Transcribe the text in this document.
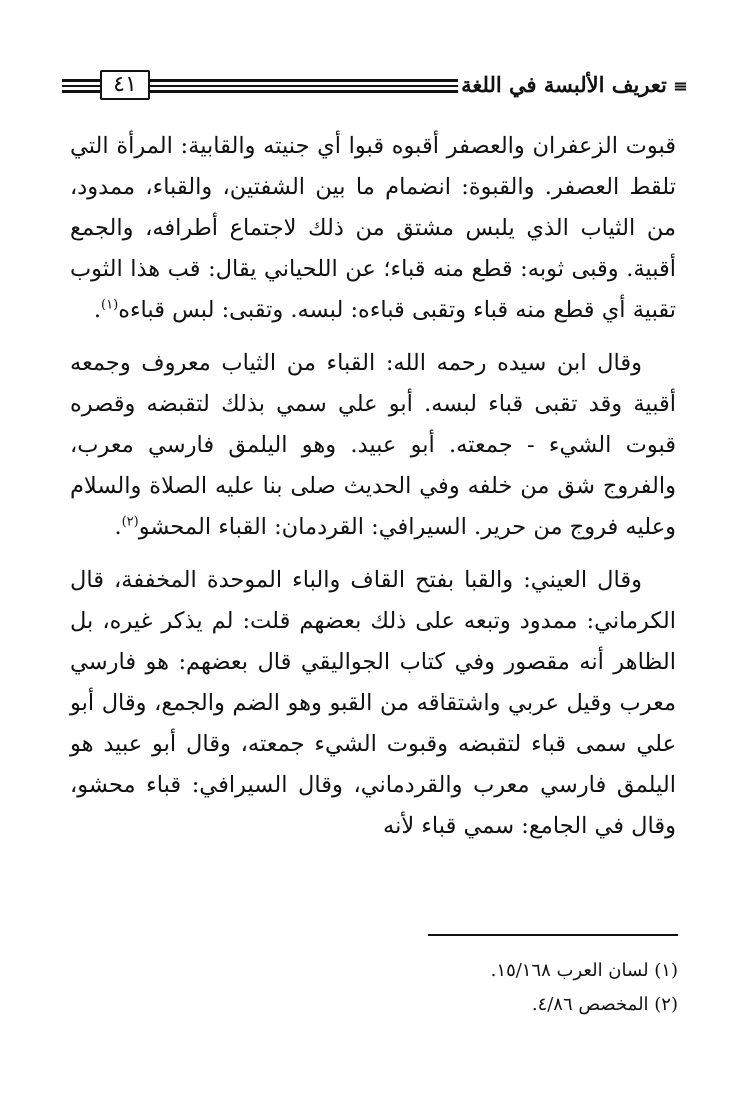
٤١	≡تعريف الألبسة في اللغة

قبوت الزعفران والعصفر أقبوه قبوا أي جنيته والقابية: المرأة التي تلقط العصفر. والقبوة: انضمام ما بين الشفتين، والقباء، ممدود، من الثياب الذي يلبس مشتق من ذلك لاجتماع أطرافه، والجمع أقبية. وقبى ثوبه: قطع منه قباء؛ عن اللحياني يقال: قب هذا الثوب تقبية أي قطع منه قباء وتقبى قباءه: لبسه. وتقبى: لبس قباءه$^{(١)}$.

وقال ابن سيده رحمه الله: القباء من الثياب معروف وجمعه أقبية وقد تقبى قباء لبسه. أبو علي سمي بذلك لتقبضه وقصره قبوت الشيء - جمعته. أبو عبيد. وهو اليلمق فارسي معرب، والفروج شق من خلفه وفي الحديث صلى بنا عليه الصلاة والسلام وعليه فروج من حرير. السيرافي: القردمان: القباء المحشو$^{(٢)}$.

وقال العيني: والقبا بفتح القاف والباء الموحدة المخففة، قال الكرماني: ممدود وتبعه على ذلك بعضهم قلت: لم يذكر غيره، بل الظاهر أنه مقصور وفي كتاب الجواليقي قال بعضهم: هو فارسي معرب وقيل عربي واشتقاقه من القبو وهو الضم والجمع، وقال أبو علي سمى قباء لتقبضه وقبوت الشيء جمعته، وقال أبو عبيد هو اليلمق فارسي معرب والقردماني، وقال السيرافي: قباء محشو، وقال في الجامع: سمي قباء لأنه

(١) لسان العرب ١٥/١٦٨.

(٢) المخصص ٤/٨٦.
